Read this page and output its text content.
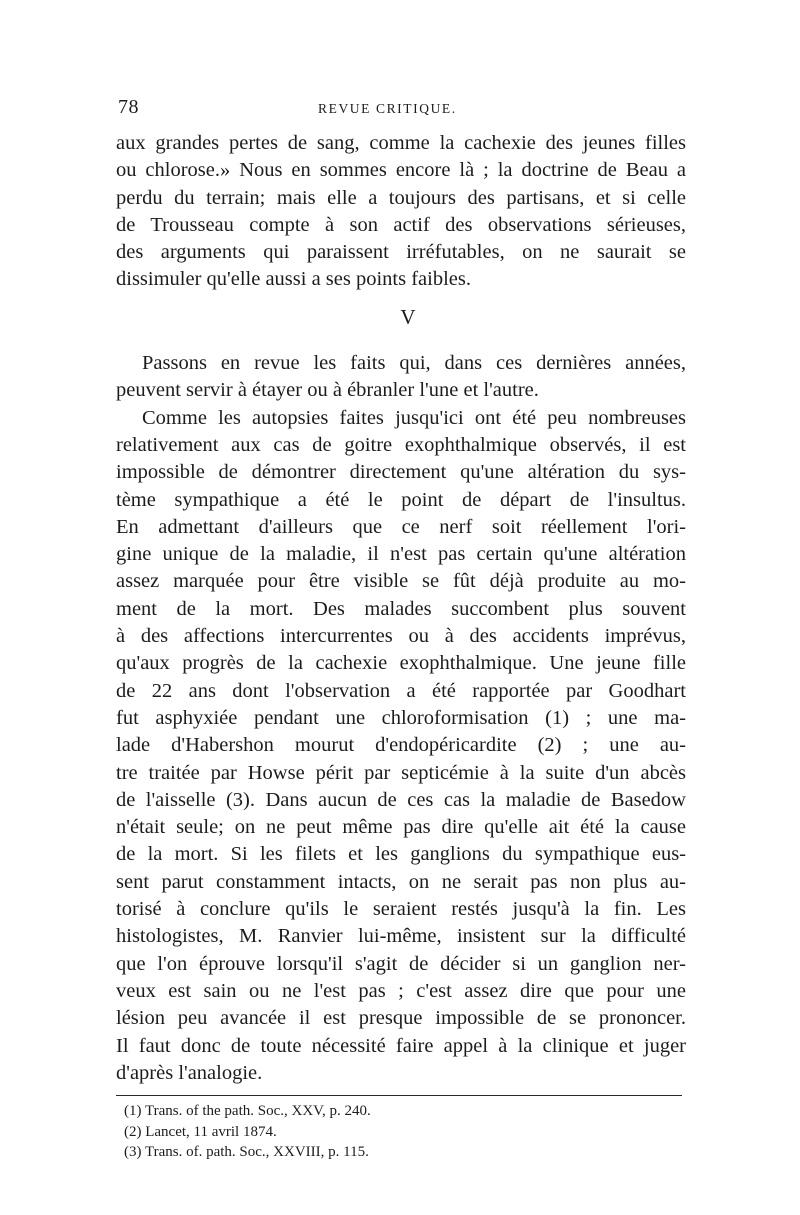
78	REVUE CRITIQUE.
aux grandes pertes de sang, comme la cachexie des jeunes filles
ou chlorose.» Nous en sommes encore là ; la doctrine de Beau a
perdu du terrain; mais elle a toujours des partisans, et si celle
de Trousseau compte à son actif des observations sérieuses,
des arguments qui paraissent irréfutables, on ne saurait se
dissimuler qu'elle aussi a ses points faibles.
V
Passons en revue les faits qui, dans ces dernières années,
peuvent servir à étayer ou à ébranler l'une et l'autre.
Comme les autopsies faites jusqu'ici ont été peu nombreuses
relativement aux cas de goitre exophthalmique observés, il est
impossible de démontrer directement qu'une altération du sys-
tème sympathique a été le point de départ de l'insultus.
En admettant d'ailleurs que ce nerf soit réellement l'ori-
gine unique de la maladie, il n'est pas certain qu'une altération
assez marquée pour être visible se fût déjà produite au mo-
ment de la mort. Des malades succombent plus souvent
à des affections intercurrentes ou à des accidents imprévus,
qu'aux progrès de la cachexie exophthalmique. Une jeune fille
de 22 ans dont l'observation a été rapportée par Goodhart
fut asphyxiée pendant une chloroformisation (1) ; une ma-
lade d'Habershon mourut d'endopéricardite (2) ; une au-
tre traitée par Howse périt par septicémie à la suite d'un abcès
de l'aisselle (3). Dans aucun de ces cas la maladie de Basedow
n'était seule; on ne peut même pas dire qu'elle ait été la cause
de la mort. Si les filets et les ganglions du sympathique eus-
sent parut constamment intacts, on ne serait pas non plus au-
torisé à conclure qu'ils le seraient restés jusqu'à la fin. Les
histologistes, M. Ranvier lui-même, insistent sur la difficulté
que l'on éprouve lorsqu'il s'agit de décider si un ganglion ner-
veux est sain ou ne l'est pas ; c'est assez dire que pour une
lésion peu avancée il est presque impossible de se prononcer.
Il faut donc de toute nécessité faire appel à la clinique et juger
d'après l'analogie.
(1) Trans. of the path. Soc., XXV, p. 240.
(2) Lancet, 11 avril 1874.
(3) Trans. of. path. Soc., XXVIII, p. 115.
